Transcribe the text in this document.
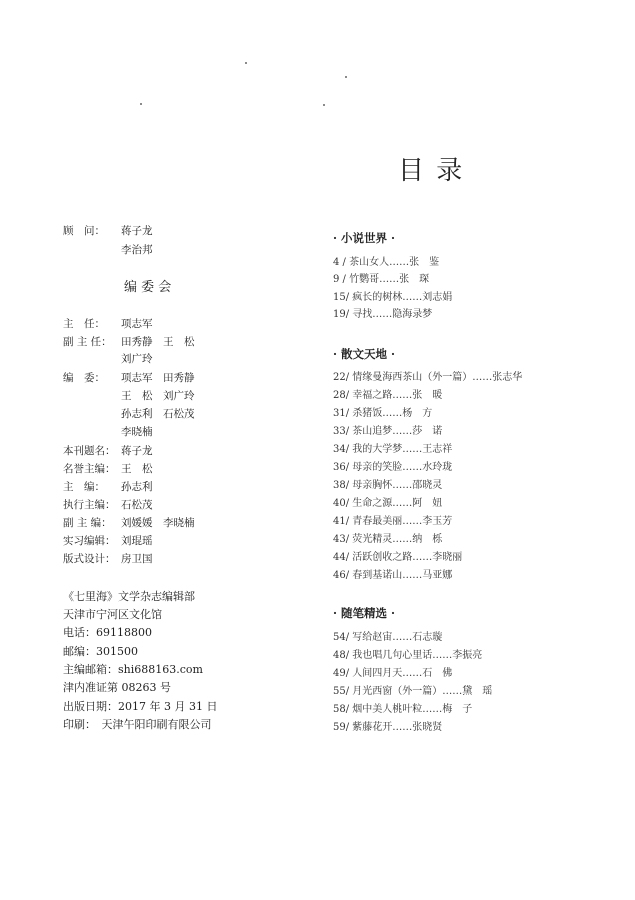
目 录
顾　问： 蒋子龙
李治邦
编 委 会
主　任： 项志军
副 主 任： 田秀静　王　松
刘广玲
编　委： 项志军　田秀静
王　松　刘广玲
孙志利　石松茂
李晓楠
本刊题名： 蒋子龙
名誉主编： 王　松
主　编： 孙志利
执行主编： 石松茂
副 主 编： 刘媛媛　李晓楠
实习编辑： 刘琨瑶
版式设计： 房卫国
《七里海》文学杂志编辑部
天津市宁河区文化馆
电话：69118800
邮编：301500
主编邮箱：shi688163.com
津内准证第 08263 号
出版日期：2017 年 3 月 31 日
印刷：　天津午阳印刷有限公司
· 小说世界 ·
4 / 茶山女人……张　鉴
9 / 竹鹦哥……张　琛
15/ 疯长的树林……刘志娟
19/ 寻找……隐海录梦
· 散文天地 ·
22/ 情缘曼海西茶山（外一篇）……张志华
28/ 幸福之路……张　暖
31/ 杀猪饭……杨　方
33/ 茶山追梦……莎　诺
34/ 我的大学梦……王志祥
36/ 母亲的笑脸……水玲珑
38/ 母亲胸怀……邵晓灵
40/ 生命之源……阿　妞
41/ 青春最美丽……李玉芳
43/ 荧光精灵……纳　栎
44/ 活跃创收之路……李晓丽
46/ 春到基诺山……马亚娜
· 随笔精选 ·
54/ 写给赵宙……石志璇
48/ 我也唱几句心里话……李振亮
49/ 人间四月天……石　佛
55/ 月光西窗（外一篇）……黛　瑶
58/ 烟中美人桃叶粒……梅　子
59/ 紫藤花开……张晓贤
